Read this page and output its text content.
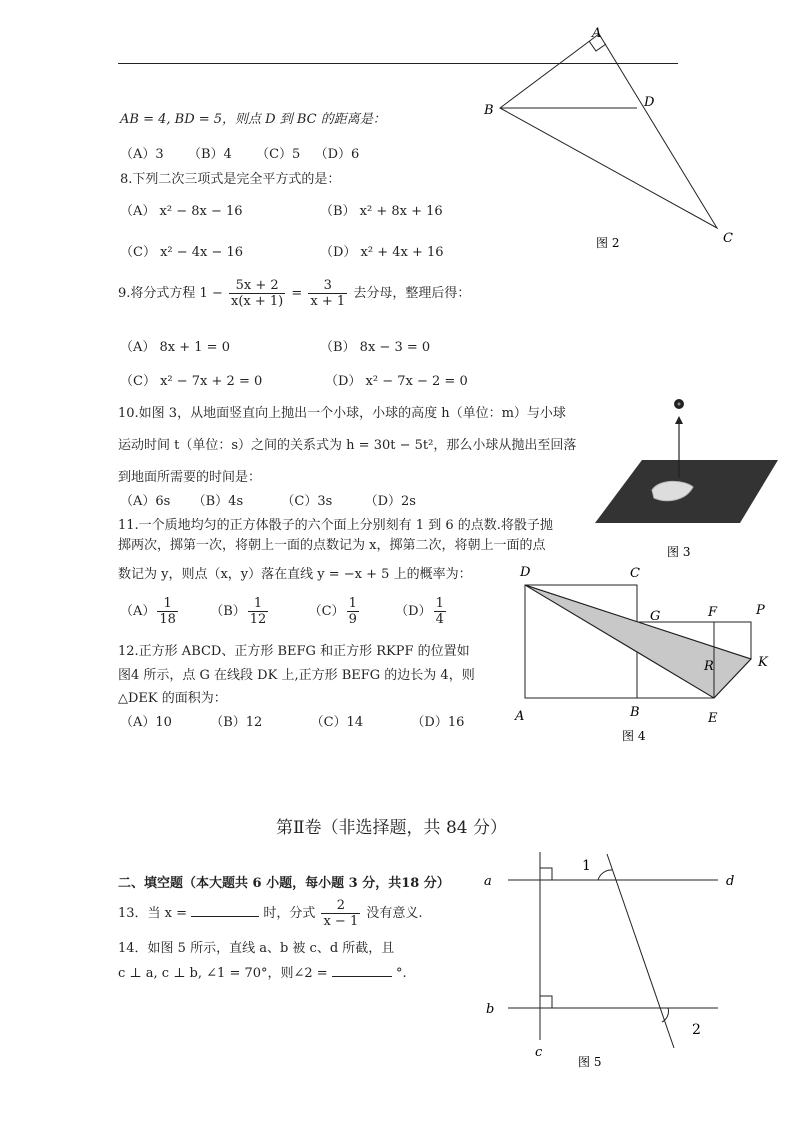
AB = 4, BD = 5，则点 D 到 BC 的距离是：
（A）3 （B）4 （C）5 （D）6
8.下列二次三项式是完全平方式的是：
（A） x² − 8x − 16	（B） x² + 8x + 16
（C） x² − 4x − 16	（D） x² + 4x + 16
9.将分式方程 $1 - \frac{5x + 2}{x(x + 1)} = \frac{3}{x + 1}$ 去分母，整理后得：
（A） 8x + 1 = 0	（B） 8x − 3 = 0
（C） x² − 7x + 2 = 0	（D） x² − 7x − 2 = 0
10.如图 3，从地面竖直向上抛出一个小球，小球的高度 h（单位：m）与小球
运动时间 t（单位：s）之间的关系式为 h = 30t − 5t²，那么小球从抛出至回落
到地面所需要的时间是：
（A）6s （B）4s	（C）3s （D）2s
11.一个质地均匀的正方体骰子的六个面上分别刻有 1 到 6 的点数.将骰子抛
掷两次，掷第一次，将朝上一面的点数记为 x，掷第二次，将朝上一面的点
数记为 y，则点（x，y）落在直线 y = −x + 5 上的概率为：
$(A) \frac{1}{18} (B) \frac{1}{12}$	$(C) \frac{1}{9}$	$(D) \frac{1}{4}$
12.正方形 ABCD、正方形 BEFG 和正方形 RKPF 的位置如
图4 所示，点 G 在线段 DK 上,正方形 BEFG 的边长为 4，则
△DEK 的面积为：
（A）10	（B）12	（C）14	（D）16
第Ⅱ卷（非选择题，共 84 分）
二、填空题（本大题共 6 小题，每小题 3 分，共18 分）
13．当 x =	时，分式 $\frac{2}{x - 1}$ 没有意义.
14．如图 5 所示，直线 a、b 被 c、d 所截，且
c ⊥ a, c ⊥ b, ∠1 = 70°，则∠2 =	°.
A
B
C
D
图 2
图 3
D	C
G	F	P
R	K
A	B	E
图 4
1
2
a	d
b
c
图 5
